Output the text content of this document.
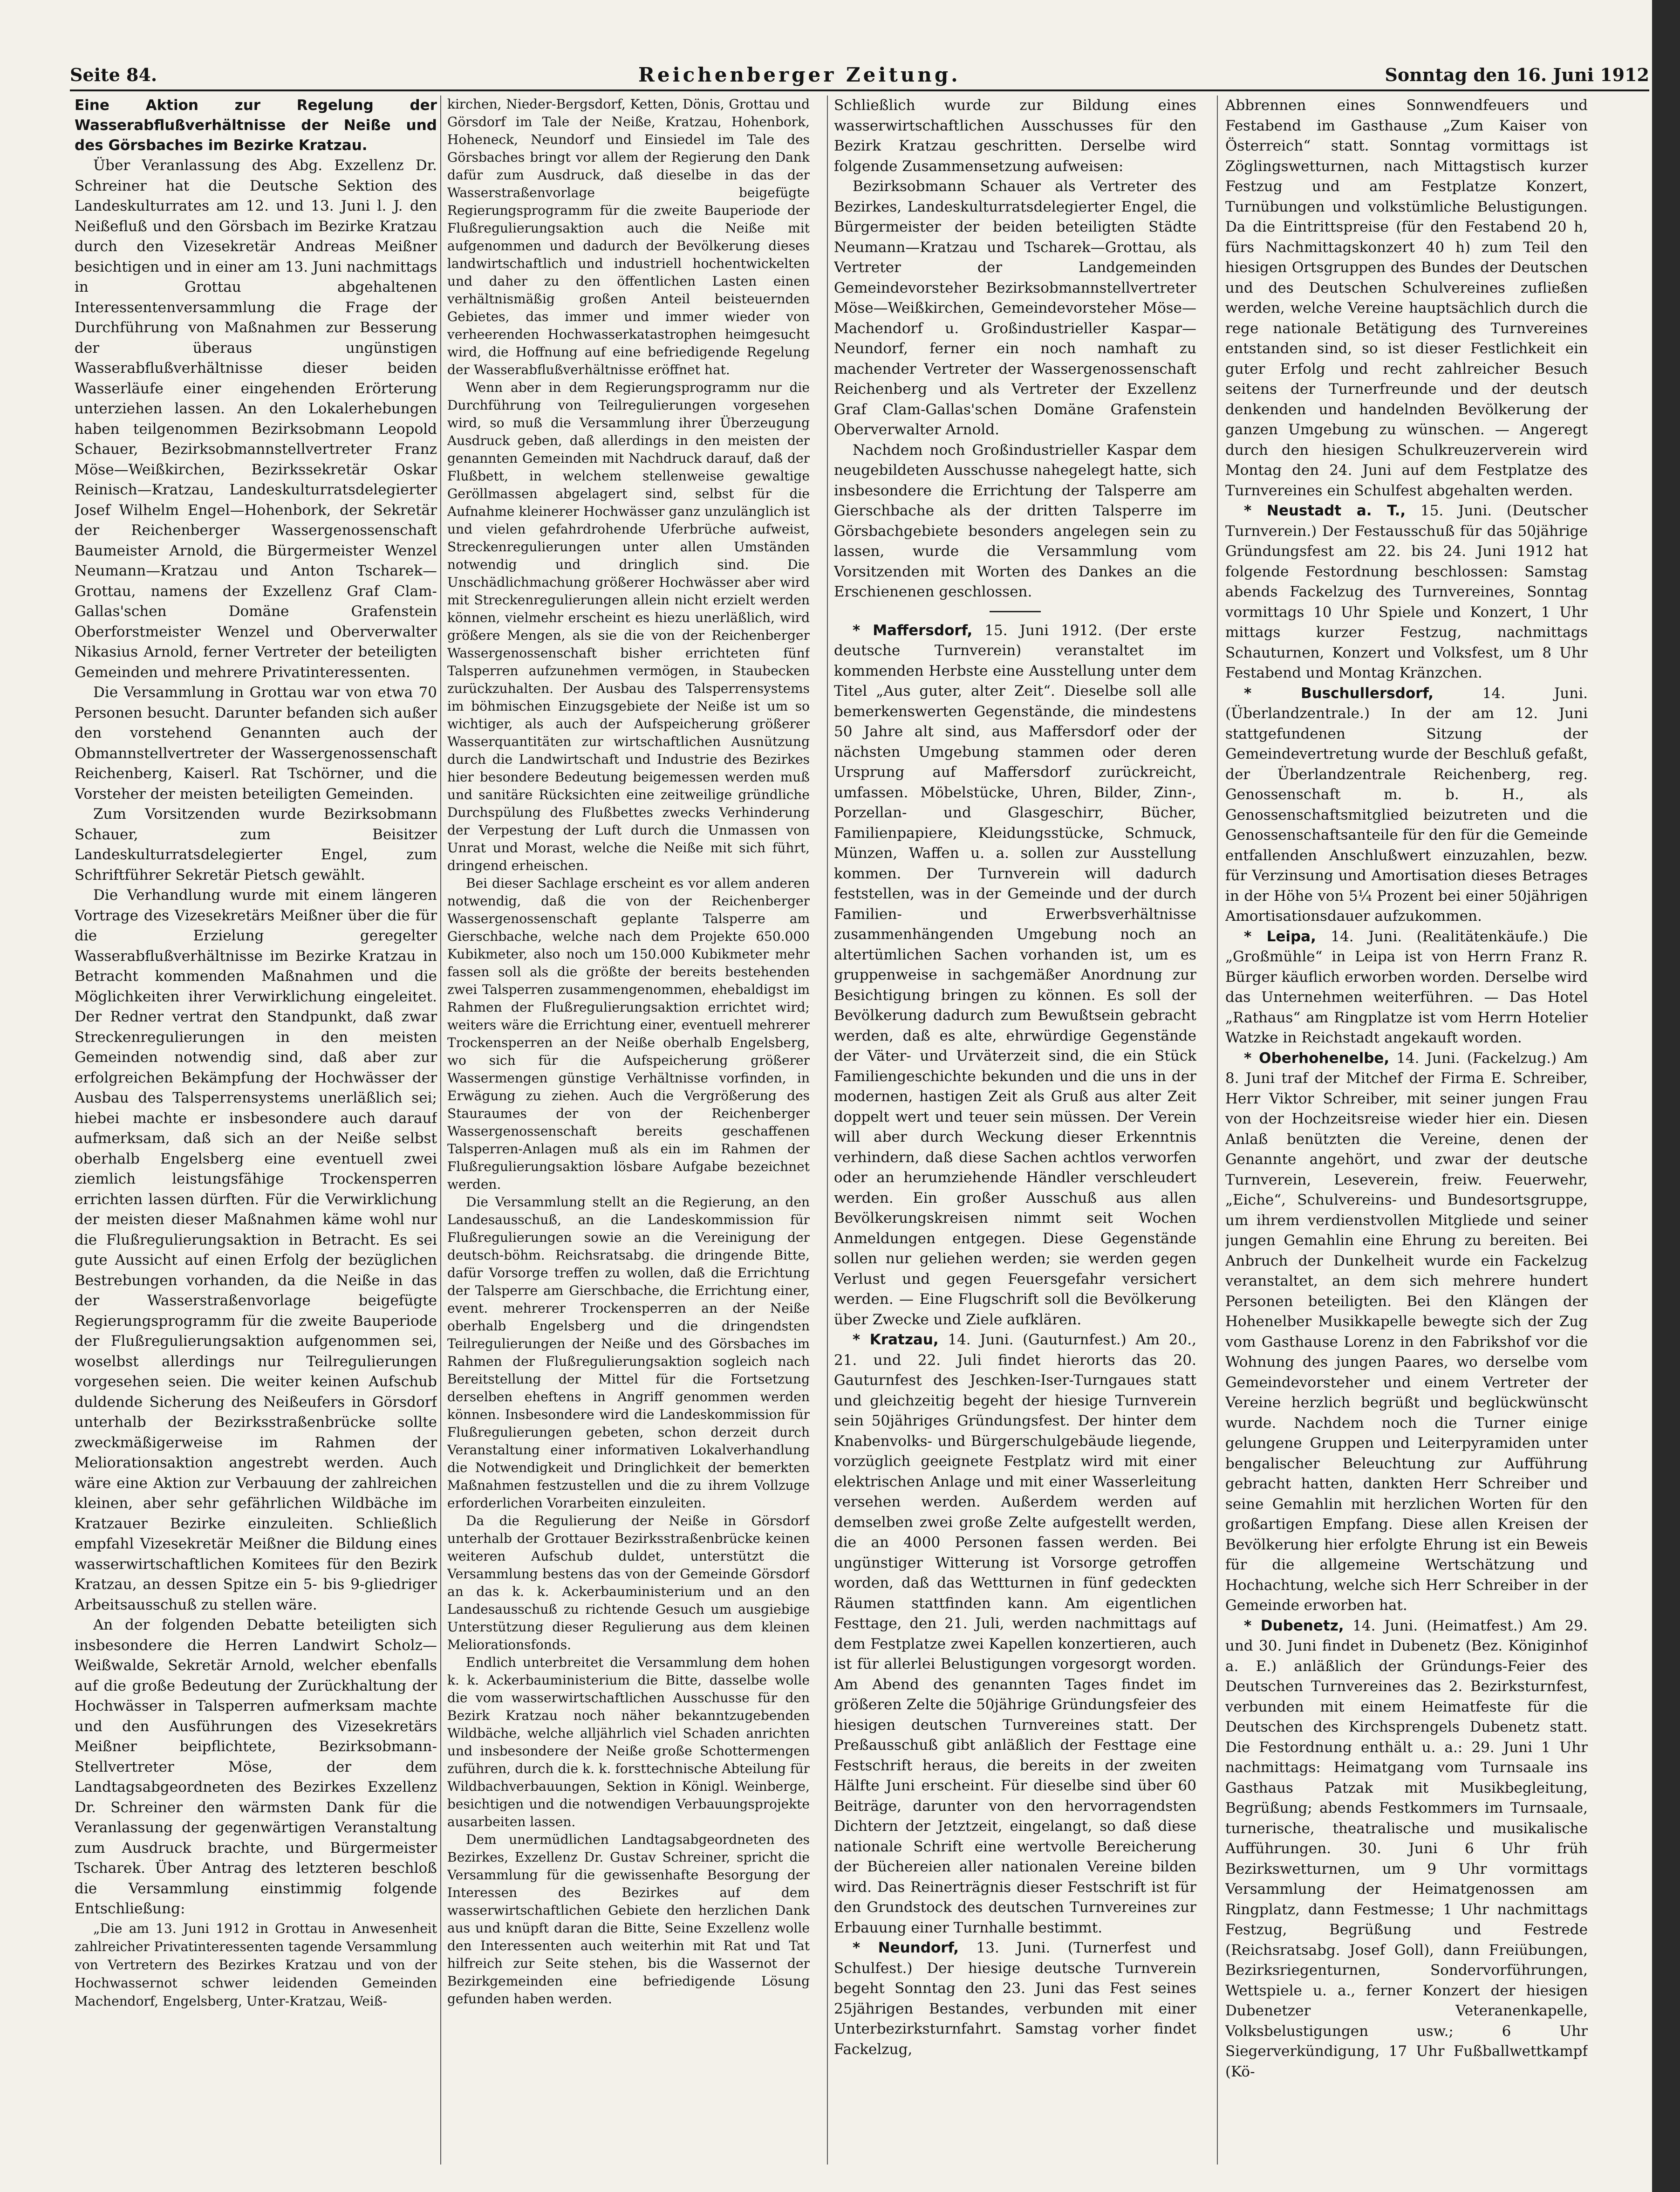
Seite 84.	Reichenberger Zeitung.	Sonntag den 16. Juni 1912

Eine Aktion zur Regelung der Wasserabflußverhältnisse der Neiße und des Görsbaches im Bezirke Kratzau.

Über Veranlassung des Abg. Exzellenz Dr. Schreiner hat die Deutsche Sektion des Landeskulturrates am 12. und 13. Juni l. J. den Neißefluß und den Görsbach im Bezirke Kratzau durch den Vizesekretär Andreas Meißner besichtigen und in einer am 13. Juni nachmittags in Grottau abgehaltenen Interessentenversammlung die Frage der Durchführung von Maßnahmen zur Besserung der überaus ungünstigen Wasserabflußverhältnisse dieser beiden Wasserläufe einer eingehenden Erörterung unterziehen lassen. An den Lokalerhebungen haben teilgenommen Bezirksobmann Leopold Schauer, Bezirksobmannstellvertreter Franz Möse—Weißkirchen, Bezirkssekretär Oskar Reinisch—Kratzau, Landeskulturratsdelegierter Josef Wilhelm Engel—Hohenbork, der Sekretär der Reichenberger Wassergenossenschaft Baumeister Arnold, die Bürgermeister Wenzel Neumann—Kratzau und Anton Tscharek—Grottau, namens der Exzellenz Graf Clam-Gallas'schen Domäne Grafenstein Oberforstmeister Wenzel und Oberverwalter Nikasius Arnold, ferner Vertreter der beteiligten Gemeinden und mehrere Privatinteressenten.

Die Versammlung in Grottau war von etwa 70 Personen besucht. Darunter befanden sich außer den vorstehend Genannten auch der Obmannstellvertreter der Wassergenossenschaft Reichenberg, Kaiserl. Rat Tschörner, und die Vorsteher der meisten beteiligten Gemeinden.

Zum Vorsitzenden wurde Bezirksobmann Schauer, zum Beisitzer Landeskulturratsdelegierter Engel, zum Schriftführer Sekretär Pietsch gewählt.

Die Verhandlung wurde mit einem längeren Vortrage des Vizesekretärs Meißner über die für die Erzielung geregelter Wasserabflußverhältnisse im Bezirke Kratzau in Betracht kommenden Maßnahmen und die Möglichkeiten ihrer Verwirklichung eingeleitet. Der Redner vertrat den Standpunkt, daß zwar Streckenregulierungen in den meisten Gemeinden notwendig sind, daß aber zur erfolgreichen Bekämpfung der Hochwässer der Ausbau des Talsperrensystems unerläßlich sei; hiebei machte er insbesondere auch darauf aufmerksam, daß sich an der Neiße selbst oberhalb Engelsberg eine eventuell zwei ziemlich leistungsfähige Trockensperren errichten lassen dürften. Für die Verwirklichung der meisten dieser Maßnahmen käme wohl nur die Flußregulierungsaktion in Betracht. Es sei gute Aussicht auf einen Erfolg der bezüglichen Bestrebungen vorhanden, da die Neiße in das der Wasserstraßenvorlage beigefügte Regierungsprogramm für die zweite Bauperiode der Flußregulierungsaktion aufgenommen sei, woselbst allerdings nur Teilregulierungen vorgesehen seien. Die weiter keinen Aufschub duldende Sicherung des Neißeufers in Görsdorf unterhalb der Bezirksstraßenbrücke sollte zweckmäßigerweise im Rahmen der Meliorationsaktion angestrebt werden. Auch wäre eine Aktion zur Verbauung der zahlreichen kleinen, aber sehr gefährlichen Wildbäche im Kratzauer Bezirke einzuleiten. Schließlich empfahl Vizesekretär Meißner die Bildung eines wasserwirtschaftlichen Komitees für den Bezirk Kratzau, an dessen Spitze ein 5- bis 9-gliedriger Arbeitsausschuß zu stellen wäre.

An der folgenden Debatte beteiligten sich insbesondere die Herren Landwirt Scholz—Weißwalde, Sekretär Arnold, welcher ebenfalls auf die große Bedeutung der Zurückhaltung der Hochwässer in Talsperren aufmerksam machte und den Ausführungen des Vizesekretärs Meißner beipflichtete, Bezirksobmann-Stellvertreter Möse, der dem Landtagsabgeordneten des Bezirkes Exzellenz Dr. Schreiner den wärmsten Dank für die Veranlassung der gegenwärtigen Veranstaltung zum Ausdruck brachte, und Bürgermeister Tscharek. Über Antrag des letzteren beschloß die Versammlung einstimmig folgende Entschließung:

„Die am 13. Juni 1912 in Grottau in Anwesenheit zahlreicher Privatinteressenten tagende Versammlung von Vertretern des Bezirkes Kratzau und von der Hochwassernot schwer leidenden Gemeinden Machendorf, Engelsberg, Unter-Kratzau, Weiß-

kirchen, Nieder-Bergsdorf, Ketten, Dönis, Grottau und Görsdorf im Tale der Neiße, Kratzau, Hohenbork, Hoheneck, Neundorf und Einsiedel im Tale des Görsbaches bringt vor allem der Regierung den Dank dafür zum Ausdruck, daß dieselbe in das der Wasserstraßenvorlage beigefügte Regierungsprogramm für die zweite Bauperiode der Flußregulierungsaktion auch die Neiße mit aufgenommen und dadurch der Bevölkerung dieses landwirtschaftlich und industriell hochentwickelten und daher zu den öffentlichen Lasten einen verhältnismäßig großen Anteil beisteuernden Gebietes, das immer und immer wieder von verheerenden Hochwasserkatastrophen heimgesucht wird, die Hoffnung auf eine befriedigende Regelung der Wasserabflußverhältnisse eröffnet hat.

Wenn aber in dem Regierungsprogramm nur die Durchführung von Teilregulierungen vorgesehen wird, so muß die Versammlung ihrer Überzeugung Ausdruck geben, daß allerdings in den meisten der genannten Gemeinden mit Nachdruck darauf, daß der Flußbett, in welchem stellenweise gewaltige Geröllmassen abgelagert sind, selbst für die Aufnahme kleinerer Hochwässer ganz unzulänglich ist und vielen gefahrdrohende Uferbrüche aufweist, Streckenregulierungen unter allen Umständen notwendig und dringlich sind. Die Unschädlichmachung größerer Hochwässer aber wird mit Streckenregulierungen allein nicht erzielt werden können, vielmehr erscheint es hiezu unerläßlich, wird größere Mengen, als sie die von der Reichenberger Wassergenossenschaft bisher errichteten fünf Talsperren aufzunehmen vermögen, in Staubecken zurückzuhalten. Der Ausbau des Talsperrensystems im böhmischen Einzugsgebiete der Neiße ist um so wichtiger, als auch der Aufspeicherung größerer Wasserquantitäten zur wirtschaftlichen Ausnützung durch die Landwirtschaft und Industrie des Bezirkes hier besondere Bedeutung beigemessen werden muß und sanitäre Rücksichten eine zeitweilige gründliche Durchspülung des Flußbettes zwecks Verhinderung der Verpestung der Luft durch die Unmassen von Unrat und Morast, welche die Neiße mit sich führt, dringend erheischen.

Bei dieser Sachlage erscheint es vor allem anderen notwendig, daß die von der Reichenberger Wassergenossenschaft geplante Talsperre am Gierschbache, welche nach dem Projekte 650.000 Kubikmeter, also noch um 150.000 Kubikmeter mehr fassen soll als die größte der bereits bestehenden zwei Talsperren zusammengenommen, ehebaldigst im Rahmen der Flußregulierungsaktion errichtet wird; weiters wäre die Errichtung einer, eventuell mehrerer Trockensperren an der Neiße oberhalb Engelsberg, wo sich für die Aufspeicherung größerer Wassermengen günstige Verhältnisse vorfinden, in Erwägung zu ziehen. Auch die Vergrößerung des Stauraumes der von der Reichenberger Wassergenossenschaft bereits geschaffenen Talsperren-Anlagen muß als ein im Rahmen der Flußregulierungsaktion lösbare Aufgabe bezeichnet werden.

Die Versammlung stellt an die Regierung, an den Landesausschuß, an die Landeskommission für Flußregulierungen sowie an die Vereinigung der deutsch-böhm. Reichsratsabg. die dringende Bitte, dafür Vorsorge treffen zu wollen, daß die Errichtung der Talsperre am Gierschbache, die Errichtung einer, event. mehrerer Trockensperren an der Neiße oberhalb Engelsberg und die dringendsten Teilregulierungen der Neiße und des Görsbaches im Rahmen der Flußregulierungsaktion sogleich nach Bereitstellung der Mittel für die Fortsetzung derselben eheftens in Angriff genommen werden können. Insbesondere wird die Landeskommission für Flußregulierungen gebeten, schon derzeit durch Veranstaltung einer informativen Lokalverhandlung die Notwendigkeit und Dringlichkeit der bemerkten Maßnahmen festzustellen und die zu ihrem Vollzuge erforderlichen Vorarbeiten einzuleiten.

Da die Regulierung der Neiße in Görsdorf unterhalb der Grottauer Bezirksstraßenbrücke keinen weiteren Aufschub duldet, unterstützt die Versammlung bestens das von der Gemeinde Görsdorf an das k. k. Ackerbauministerium und an den Landesausschuß zu richtende Gesuch um ausgiebige Unterstützung dieser Regulierung aus dem kleinen Meliorationsfonds.

Endlich unterbreitet die Versammlung dem hohen k. k. Ackerbauministerium die Bitte, dasselbe wolle die vom wasserwirtschaftlichen Ausschusse für den Bezirk Kratzau noch näher bekanntzugebenden Wildbäche, welche alljährlich viel Schaden anrichten und insbesondere der Neiße große Schottermengen zuführen, durch die k. k. forsttechnische Abteilung für Wildbachverbauungen, Sektion in Königl. Weinberge, besichtigen und die notwendigen Verbauungsprojekte ausarbeiten lassen.

Dem unermüdlichen Landtagsabgeordneten des Bezirkes, Exzellenz Dr. Gustav Schreiner, spricht die Versammlung für die gewissenhafte Besorgung der Interessen des Bezirkes auf dem wasserwirtschaftlichen Gebiete den herzlichen Dank aus und knüpft daran die Bitte, Seine Exzellenz wolle den Interessenten auch weiterhin mit Rat und Tat hilfreich zur Seite stehen, bis die Wassernot der Bezirkgemeinden eine befriedigende Lösung gefunden haben werden.

Schließlich wurde zur Bildung eines wasserwirtschaftlichen Ausschusses für den Bezirk Kratzau geschritten. Derselbe wird folgende Zusammensetzung aufweisen:

Bezirksobmann Schauer als Vertreter des Bezirkes, Landeskulturratsdelegierter Engel, die Bürgermeister der beiden beteiligten Städte Neumann—Kratzau und Tscharek—Grottau, als Vertreter der Landgemeinden Gemeindevorsteher Bezirksobmannstellvertreter Möse—Weißkirchen, Gemeindevorsteher Möse—Machendorf u. Großindustrieller Kaspar—Neundorf, ferner ein noch namhaft zu machender Vertreter der Wassergenossenschaft Reichenberg und als Vertreter der Exzellenz Graf Clam-Gallas'schen Domäne Grafenstein Oberverwalter Arnold.

Nachdem noch Großindustrieller Kaspar dem neugebildeten Ausschusse nahegelegt hatte, sich insbesondere die Errichtung der Talsperre am Gierschbache als der dritten Talsperre im Görsbachgebiete besonders angelegen sein zu lassen, wurde die Versammlung vom Vorsitzenden mit Worten des Dankes an die Erschienenen geschlossen.

* Maffersdorf, 15. Juni 1912. (Der erste deutsche Turnverein) veranstaltet im kommenden Herbste eine Ausstellung unter dem Titel „Aus guter, alter Zeit“. Dieselbe soll alle bemerkenswerten Gegenstände, die mindestens 50 Jahre alt sind, aus Maffersdorf oder der nächsten Umgebung stammen oder deren Ursprung auf Maffersdorf zurückreicht, umfassen. Möbelstücke, Uhren, Bilder, Zinn-, Porzellan- und Glasgeschirr, Bücher, Familienpapiere, Kleidungsstücke, Schmuck, Münzen, Waffen u. a. sollen zur Ausstellung kommen. Der Turnverein will dadurch feststellen, was in der Gemeinde und der durch Familien- und Erwerbsverhältnisse zusammenhängenden Umgebung noch an altertümlichen Sachen vorhanden ist, um es gruppenweise in sachgemäßer Anordnung zur Besichtigung bringen zu können. Es soll der Bevölkerung dadurch zum Bewußtsein gebracht werden, daß es alte, ehrwürdige Gegenstände der Väter- und Urväterzeit sind, die ein Stück Familiengeschichte bekunden und die uns in der modernen, hastigen Zeit als Gruß aus alter Zeit doppelt wert und teuer sein müssen. Der Verein will aber durch Weckung dieser Erkenntnis verhindern, daß diese Sachen achtlos verworfen oder an herumziehende Händler verschleudert werden. Ein großer Ausschuß aus allen Bevölkerungskreisen nimmt seit Wochen Anmeldungen entgegen. Diese Gegenstände sollen nur geliehen werden; sie werden gegen Verlust und gegen Feuersgefahr versichert werden. — Eine Flugschrift soll die Bevölkerung über Zwecke und Ziele aufklären.

* Kratzau, 14. Juni. (Gauturnfest.) Am 20., 21. und 22. Juli findet hierorts das 20. Gauturnfest des Jeschken-Iser-Turngaues statt und gleichzeitig begeht der hiesige Turnverein sein 50jähriges Gründungsfest. Der hinter dem Knabenvolks- und Bürgerschulgebäude liegende, vorzüglich geeignete Festplatz wird mit einer elektrischen Anlage und mit einer Wasserleitung versehen werden. Außerdem werden auf demselben zwei große Zelte aufgestellt werden, die an 4000 Personen fassen werden. Bei ungünstiger Witterung ist Vorsorge getroffen worden, daß das Wettturnen in fünf gedeckten Räumen stattfinden kann. Am eigentlichen Festtage, den 21. Juli, werden nachmittags auf dem Festplatze zwei Kapellen konzertieren, auch ist für allerlei Belustigungen vorgesorgt worden. Am Abend des genannten Tages findet im größeren Zelte die 50jährige Gründungsfeier des hiesigen deutschen Turnvereines statt. Der Preßausschuß gibt anläßlich der Festtage eine Festschrift heraus, die bereits in der zweiten Hälfte Juni erscheint. Für dieselbe sind über 60 Beiträge, darunter von den hervorragendsten Dichtern der Jetztzeit, eingelangt, so daß diese nationale Schrift eine wertvolle Bereicherung der Büchereien aller nationalen Vereine bilden wird. Das Reinerträgnis dieser Festschrift ist für den Grundstock des deutschen Turnvereines zur Erbauung einer Turnhalle bestimmt.

* Neundorf, 13. Juni. (Turnerfest und Schulfest.) Der hiesige deutsche Turnverein begeht Sonntag den 23. Juni das Fest seines 25jährigen Bestandes, verbunden mit einer Unterbezirksturnfahrt. Samstag vorher findet Fackelzug,

Abbrennen eines Sonnwendfeuers und Festabend im Gasthause „Zum Kaiser von Österreich“ statt. Sonntag vormittags ist Zöglingswetturnen, nach Mittagstisch kurzer Festzug und am Festplatze Konzert, Turnübungen und volkstümliche Belustigungen. Da die Eintrittspreise (für den Festabend 20 h, fürs Nachmittagskonzert 40 h) zum Teil den hiesigen Ortsgruppen des Bundes der Deutschen und des Deutschen Schulvereines zufließen werden, welche Vereine hauptsächlich durch die rege nationale Betätigung des Turnvereines entstanden sind, so ist dieser Festlichkeit ein guter Erfolg und recht zahlreicher Besuch seitens der Turnerfreunde und der deutsch denkenden und handelnden Bevölkerung der ganzen Umgebung zu wünschen. — Angeregt durch den hiesigen Schulkreuzerverein wird Montag den 24. Juni auf dem Festplatze des Turnvereines ein Schulfest abgehalten werden.

* Neustadt a. T., 15. Juni. (Deutscher Turnverein.) Der Festausschuß für das 50jährige Gründungsfest am 22. bis 24. Juni 1912 hat folgende Festordnung beschlossen: Samstag abends Fackelzug des Turnvereines, Sonntag vormittags 10 Uhr Spiele und Konzert, 1 Uhr mittags kurzer Festzug, nachmittags Schauturnen, Konzert und Volksfest, um 8 Uhr Festabend und Montag Kränzchen.

* Buschullersdorf,	14. Juni. (Überlandzentrale.) In der am 12. Juni stattgefundenen Sitzung der Gemeindevertretung wurde der Beschluß gefaßt, der Überlandzentrale Reichenberg, reg. Genossenschaft m. b. H., als Genossenschaftsmitglied beizutreten und die Genossenschaftsanteile für den für die Gemeinde entfallenden Anschlußwert einzuzahlen, bezw. für Verzinsung und Amortisation dieses Betrages in der Höhe von 5¼ Prozent bei einer 50jährigen Amortisationsdauer aufzukommen.

* Leipa, 14. Juni. (Realitätenkäufe.) Die „Großmühle“ in Leipa ist von Herrn Franz R. Bürger käuflich erworben worden. Derselbe wird das Unternehmen weiterführen. — Das Hotel „Rathaus“ am Ringplatze ist vom Herrn Hotelier Watzke in Reichstadt angekauft worden.

* Oberhohenelbe, 14. Juni. (Fackelzug.) Am 8. Juni traf der Mitchef der Firma E. Schreiber, Herr Viktor Schreiber, mit seiner jungen Frau von der Hochzeitsreise wieder hier ein. Diesen Anlaß benützten die Vereine, denen der Genannte angehört, und zwar der deutsche Turnverein, Leseverein, freiw. Feuerwehr, „Eiche“, Schulvereins- und Bundesortsgruppe, um ihrem verdienstvollen Mitgliede und seiner jungen Gemahlin eine Ehrung zu bereiten. Bei Anbruch der Dunkelheit wurde ein Fackelzug veranstaltet, an dem sich mehrere hundert Personen beteiligten. Bei den Klängen der Hohenelber Musikkapelle bewegte sich der Zug vom Gasthause Lorenz in den Fabrikshof vor die Wohnung des jungen Paares, wo derselbe vom Gemeindevorsteher und einem Vertreter der Vereine herzlich begrüßt und beglückwünscht wurde. Nachdem noch die Turner einige gelungene Gruppen und Leiterpyramiden unter bengalischer Beleuchtung zur Aufführung gebracht hatten, dankten Herr Schreiber und seine Gemahlin mit herzlichen Worten für den großartigen Empfang. Diese allen Kreisen der Bevölkerung hier erfolgte Ehrung ist ein Beweis für die allgemeine Wertschätzung und Hochachtung, welche sich Herr Schreiber in der Gemeinde erworben hat.

* Dubenetz, 14. Juni. (Heimatfest.) Am 29. und 30. Juni findet in Dubenetz (Bez. Königinhof a. E.) anläßlich der Gründungs-Feier des Deutschen Turnvereines das 2. Bezirksturnfest, verbunden mit einem Heimatfeste für die Deutschen des Kirchsprengels Dubenetz statt. Die Festordnung enthält u. a.: 29. Juni 1 Uhr nachmittags: Heimatgang vom Turnsaale ins Gasthaus Patzak mit Musikbegleitung, Begrüßung; abends Festkommers im Turnsaale, turnerische, theatralische und musikalische Aufführungen. 30. Juni 6 Uhr früh Bezirkswetturnen, um 9 Uhr vormittags Versammlung der Heimatgenossen am Ringplatz, dann Festmesse; 1 Uhr nachmittags Festzug, Begrüßung und Festrede (Reichsratsabg. Josef Goll), dann Freiübungen, Bezirksriegenturnen, Sondervorführungen, Wettspiele u. a., ferner Konzert der hiesigen Dubenetzer Veteranenkapelle, Volksbelustigungen usw.; 6 Uhr Siegerverkündigung, 17 Uhr Fußballwettkampf (Kö-
